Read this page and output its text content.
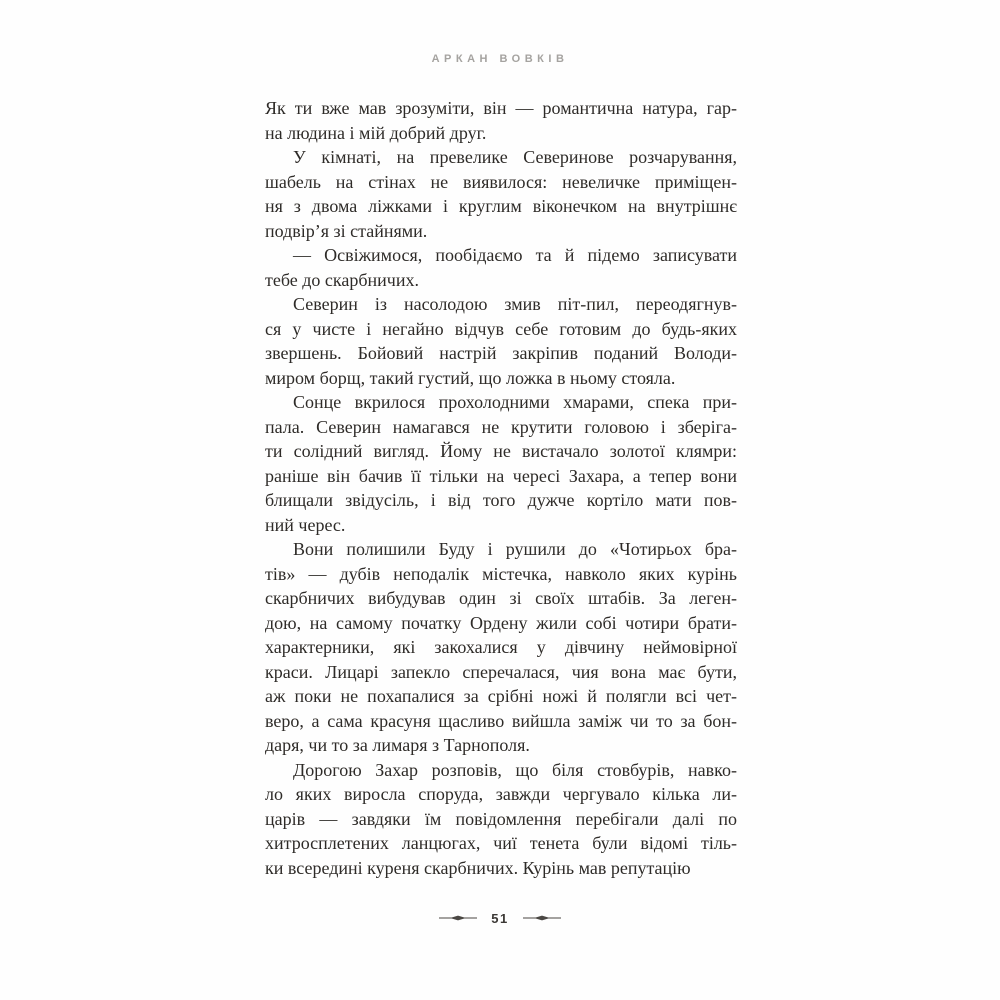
АРКАН ВОВКІВ
Як ти вже мав зрозуміти, він — романтична натура, гар-
на людина і мій добрий друг.
У кімнаті, на превелике Северинове розчарування,
шабель на стінах не виявилося: невеличке приміщен-
ня з двома ліжками і круглим віконечком на внутрішнє
подвір’я зі стайнями.
— Освіжимося, пообідаємо та й підемо записувати
тебе до скарбничих.
Северин із насолодою змив піт-пил, переодягнув-
ся у чисте і негайно відчув себе готовим до будь-яких
звершень. Бойовий настрій закріпив поданий Володи-
миром борщ, такий густий, що ложка в ньому стояла.
Сонце вкрилося прохолодними хмарами, спека при-
пала. Северин намагався не крутити головою і зберіга-
ти солідний вигляд. Йому не вистачало золотої клямри:
раніше він бачив її тільки на чересі Захара, а тепер вони
блищали звідусіль, і від того дужче кортіло мати пов-
ний черес.
Вони полишили Буду і рушили до «Чотирьох бра-
тів» — дубів неподалік містечка, навколо яких курінь
скарбничих вибудував один зі своїх штабів. За леген-
дою, на самому початку Ордену жили собі чотири брати-
характерники, які закохалися у дівчину неймовірної
краси. Лицарі запекло сперечалася, чия вона має бути,
аж поки не похапалися за срібні ножі й полягли всі чет-
веро, а сама красуня щасливо вийшла заміж чи то за бон-
даря, чи то за лимаря з Тарнополя.
Дорогою Захар розповів, що біля стовбурів, навко-
ло яких виросла споруда, завжди чергувало кілька ли-
царів — завдяки їм повідомлення перебігали далі по
хитросплетених ланцюгах, чиї тенета були відомі тіль-
ки всередині куреня скарбничих. Курінь мав репутацію
51
